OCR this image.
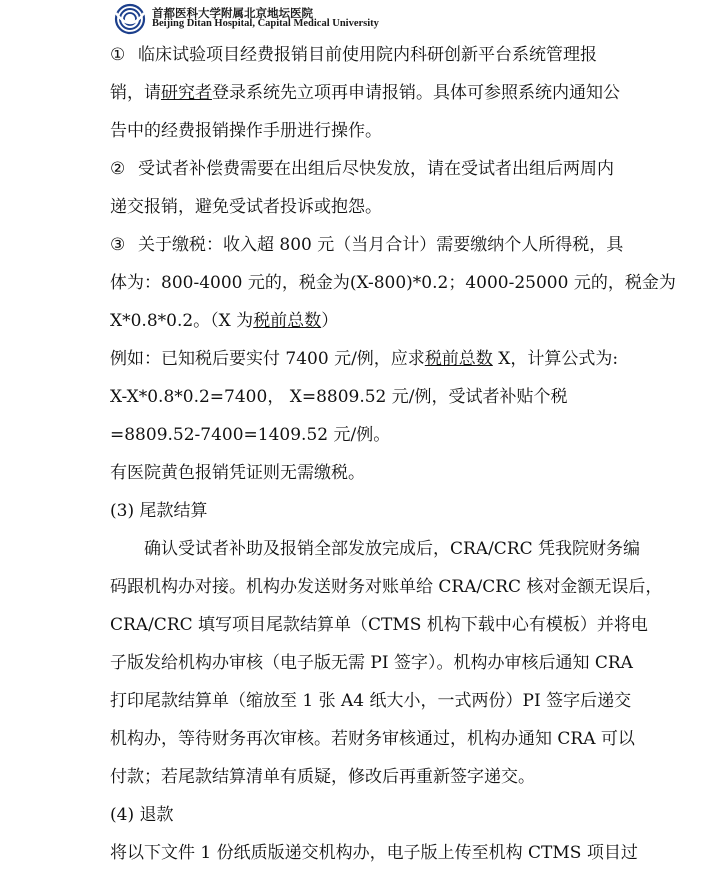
首都医科大学附属北京地坛医院
Beijing Ditan Hospital, Capital Medical University
① 临床试验项目经费报销目前使用院内科研创新平台系统管理报
销，请研究者登录系统先立项再申请报销。具体可参照系统内通知公
告中的经费报销操作手册进行操作。
② 受试者补偿费需要在出组后尽快发放，请在受试者出组后两周内
递交报销，避免受试者投诉或抱怨。
③ 关于缴税：收入超 800 元（当月合计）需要缴纳个人所得税，具
体为：800-4000 元的，税金为(X-800)*0.2；4000-25000 元的，税金为
X*0.8*0.2。（X 为税前总数）
例如：已知税后要实付 7400 元/例，应求税前总数 X，计算公式为:
X-X*0.8*0.2=7400， X=8809.52 元/例，受试者补贴个税
=8809.52-7400=1409.52 元/例。
有医院黄色报销凭证则无需缴税。
(3) 尾款结算
　　确认受试者补助及报销全部发放完成后，CRA/CRC 凭我院财务编
码跟机构办对接。机构办发送财务对账单给 CRA/CRC 核对金额无误后，
CRA/CRC 填写项目尾款结算单（CTMS 机构下载中心有模板）并将电
子版发给机构办审核（电子版无需 PI 签字）。机构办审核后通知 CRA
打印尾款结算单（缩放至 1 张 A4 纸大小，一式两份）PI 签字后递交
机构办，等待财务再次审核。若财务审核通过，机构办通知 CRA 可以
付款；若尾款结算清单有质疑，修改后再重新签字递交。
(4) 退款
将以下文件 1 份纸质版递交机构办，电子版上传至机构 CTMS 项目过
